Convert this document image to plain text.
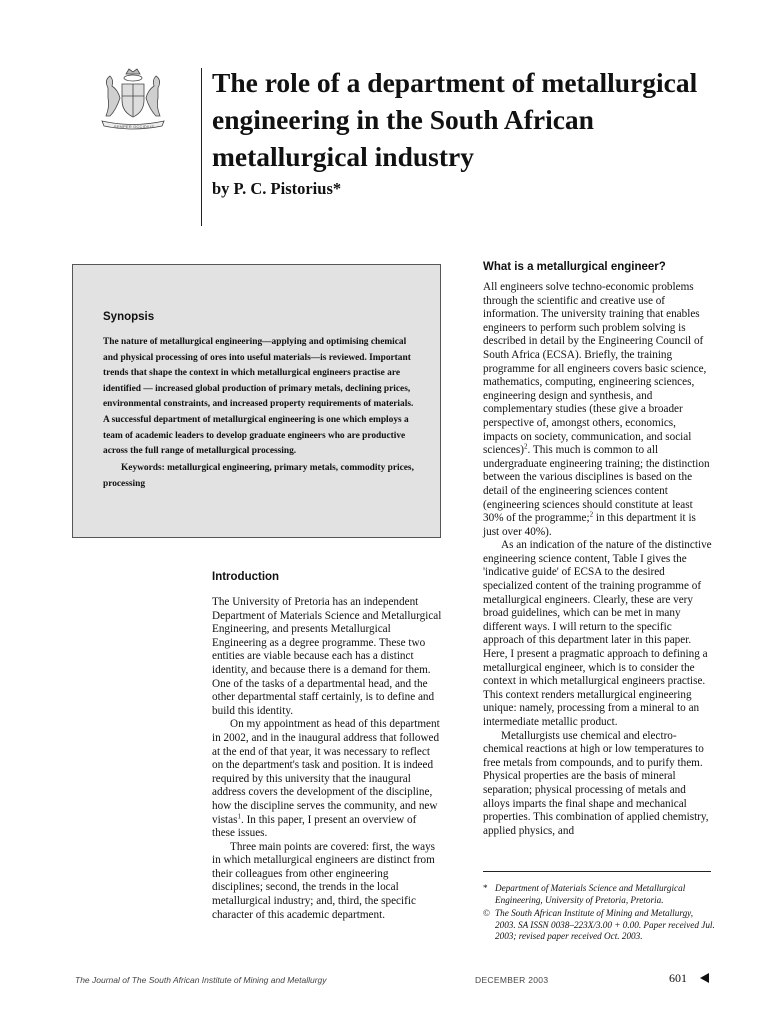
SEMPER OCCIDIUS
The role of a department of metallurgical engineering in the South African metallurgical industry

by P. C. Pistorius*

Synopsis

The nature of metallurgical engineering—applying and optimising chemical and physical processing of ores into useful materials—is reviewed. Important trends that shape the context in which metallurgical engineers practise are identified — increased global production of primary metals, declining prices, environmental constraints, and increased property requirements of materials. A successful department of metallurgical engineering is one which employs a team of academic leaders to develop graduate engineers who are productive across the full range of metallurgical processing.

Keywords: metallurgical engineering, primary metals, commodity prices, processing

Introduction

The University of Pretoria has an independent Department of Materials Science and Metallurgical Engineering, and presents Metallurgical Engineering as a degree programme. These two entities are viable because each has a distinct identity, and because there is a demand for them. One of the tasks of a departmental head, and the other departmental staff certainly, is to define and build this identity.

On my appointment as head of this department in 2002, and in the inaugural address that followed at the end of that year, it was necessary to reflect on the department's task and position. It is indeed required by this university that the inaugural address covers the development of the discipline, how the discipline serves the community, and new vistas$^1$. In this paper, I present an overview of these issues.

Three main points are covered: first, the ways in which metallurgical engineers are distinct from their colleagues from other engineering disciplines; second, the trends in the local metallurgical industry; and, third, the specific character of this academic department.

What is a metallurgical engineer?

All engineers solve techno-economic problems through the scientific and creative use of information. The university training that enables engineers to perform such problem solving is described in detail by the Engineering Council of South Africa (ECSA). Briefly, the training programme for all engineers covers basic science, mathematics, computing, engineering sciences, engineering design and synthesis, and complementary studies (these give a broader perspective of, amongst others, economics, impacts on society, communication, and social sciences)$^2$. This much is common to all undergraduate engineering training; the distinction between the various disciplines is based on the detail of the engineering sciences content (engineering sciences should constitute at least 30% of the programme;$^2$ in this department it is just over 40%).

As an indication of the nature of the distinctive engineering science content, Table I gives the 'indicative guide' of ECSA to the desired specialized content of the training programme of metallurgical engineers. Clearly, these are very broad guidelines, which can be met in many different ways. I will return to the specific approach of this department later in this paper. Here, I present a pragmatic approach to defining a metallurgical engineer, which is to consider the context in which metallurgical engineers practise. This context renders metallurgical engineering unique: namely, processing from a mineral to an intermediate metallic product.

Metallurgists use chemical and electro-chemical reactions at high or low temperatures to free metals from compounds, and to purify them. Physical properties are the basis of mineral separation; physical processing of metals and alloys imparts the final shape and mechanical properties. This combination of applied chemistry, applied physics, and

* Department of Materials Science and Metallurgical Engineering, University of Pretoria, Pretoria.

© The South African Institute of Mining and Metallurgy, 2003. SA ISSN 0038–223X/3.00 + 0.00. Paper received Jul. 2003; revised paper received Oct. 2003.

The Journal of The South African Institute of Mining and Metallurgy	DECEMBER 2003	601
